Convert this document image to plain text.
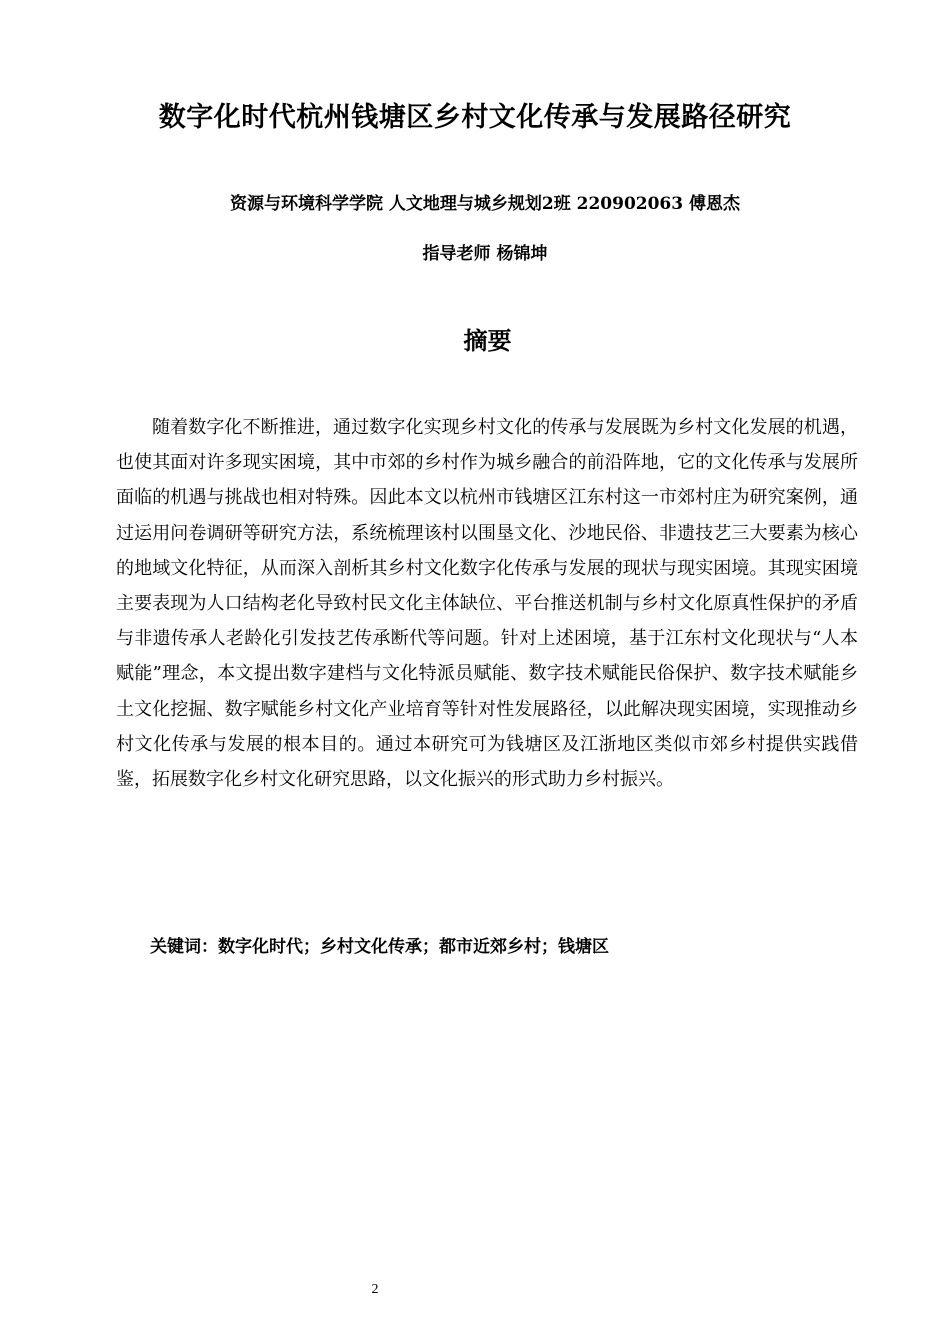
数字化时代杭州钱塘区乡村文化传承与发展路径研究

资源与环境科学学院 人文地理与城乡规划2班 220902063 傅恩杰

指导老师 杨锦坤

摘要

随着数字化不断推进，通过数字化实现乡村文化的传承与发展既为乡村文化发展的机遇，也使其面对许多现实困境，其中市郊的乡村作为城乡融合的前沿阵地，它的文化传承与发展所面临的机遇与挑战也相对特殊。因此本文以杭州市钱塘区江东村这一市郊村庄为研究案例，通过运用问卷调研等研究方法，系统梳理该村以围垦文化、沙地民俗、非遗技艺三大要素为核心的地域文化特征，从而深入剖析其乡村文化数字化传承与发展的现状与现实困境。其现实困境主要表现为人口结构老化导致村民文化主体缺位、平台推送机制与乡村文化原真性保护的矛盾与非遗传承人老龄化引发技艺传承断代等问题。针对上述困境，基于江东村文化现状与“人本赋能”理念，本文提出数字建档与文化特派员赋能、数字技术赋能民俗保护、数字技术赋能乡土文化挖掘、数字赋能乡村文化产业培育等针对性发展路径，以此解决现实困境，实现推动乡村文化传承与发展的根本目的。通过本研究可为钱塘区及江浙地区类似市郊乡村提供实践借鉴，拓展数字化乡村文化研究思路，以文化振兴的形式助力乡村振兴。

关键词：数字化时代；乡村文化传承；都市近郊乡村；钱塘区

2
